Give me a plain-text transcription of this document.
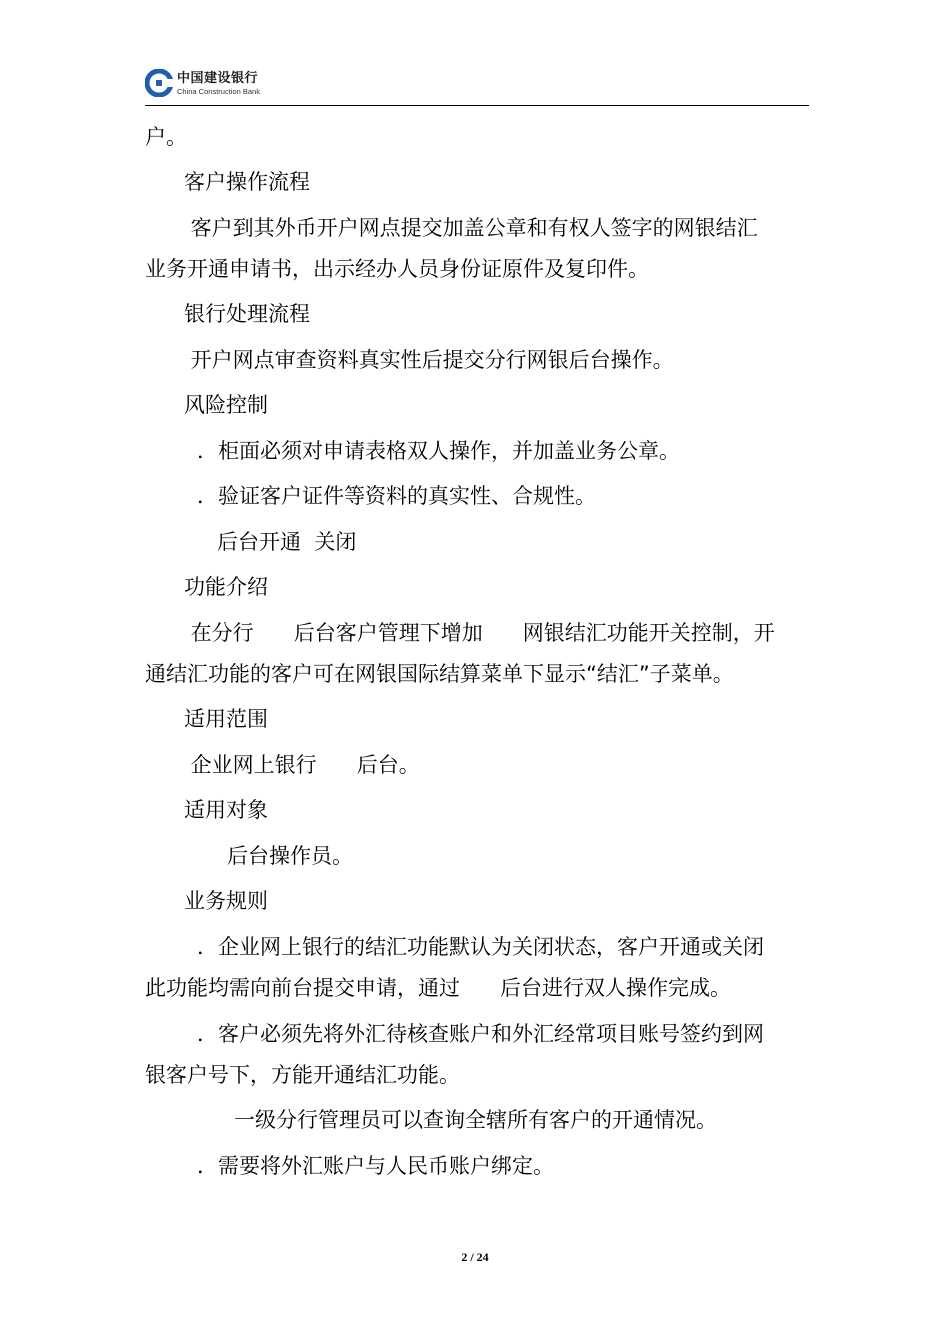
中国建设银行
China Construction Bank
户。
客户操作流程
客户到其外币开户网点提交加盖公章和有权人签字的网银结汇
业务开通申请书，出示经办人员身份证原件及复印件。
银行处理流程
开户网点审查资料真实性后提交分行网银后台操作。
风险控制
．柜面必须对申请表格双人操作，并加盖业务公章。
．验证客户证件等资料的真实性、合规性。
后台开通  关闭
功能介绍
在分行      后台客户管理下增加      网银结汇功能开关控制，开
通结汇功能的客户可在网银国际结算菜单下显示“结汇”子菜单。
适用范围
企业网上银行      后台。
适用对象
后台操作员。
业务规则
．企业网上银行的结汇功能默认为关闭状态，客户开通或关闭
此功能均需向前台提交申请，通过      后台进行双人操作完成。
．客户必须先将外汇待核查账户和外汇经常项目账号签约到网
银客户号下，方能开通结汇功能。
一级分行管理员可以查询全辖所有客户的开通情况。
．需要将外汇账户与人民币账户绑定。
2 / 24
